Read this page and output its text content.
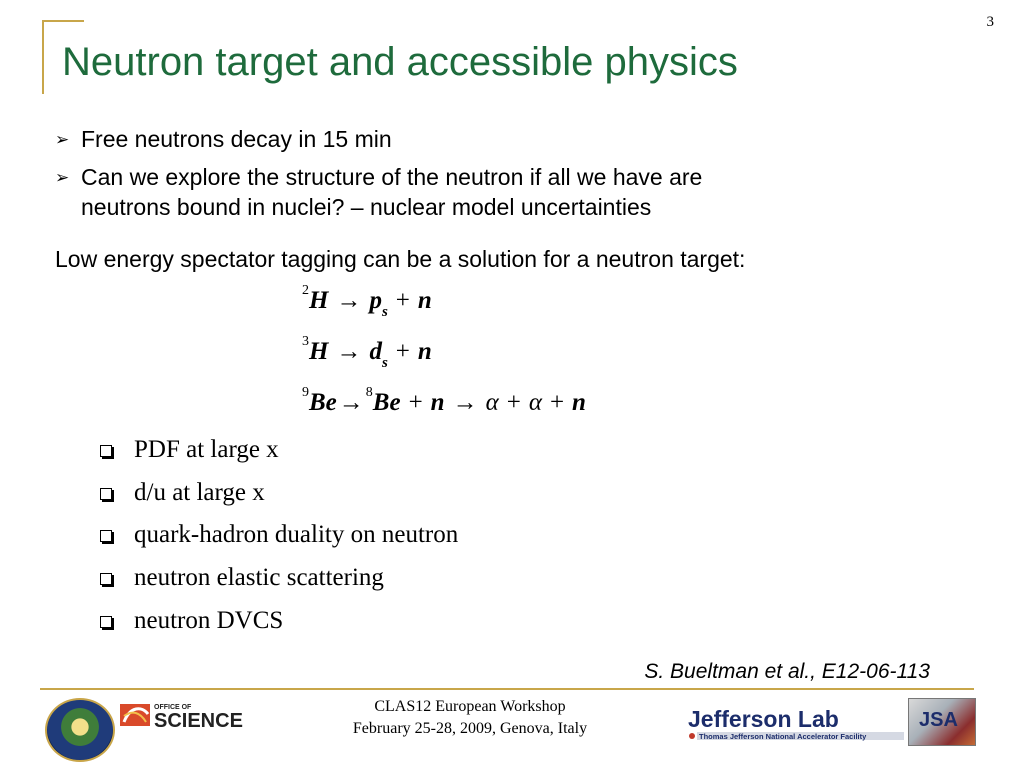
3
Neutron target and accessible physics
➢ Free neutrons decay in 15 min
➢ Can we explore the structure of the neutron if all we have are
neutrons bound in nuclei? – nuclear model uncertainties
Low energy spectator tagging can be a solution for a neutron target:
$^2H \to p_s + n$
$^3H \to d_s + n$
$^9$Be→ $^8$Be + n → α + α + n
PDF at large x
d/u at large x
quark-hadron duality on neutron
neutron elastic scattering
neutron DVCS
S. Bueltman et al., E12-06-113
OFFICE OF
SCIENCE
CLAS12 European Workshop
February 25-28, 2009, Genova, Italy	Jefferson Lab
Thomas Jefferson National Accelerator Facility
JSA
